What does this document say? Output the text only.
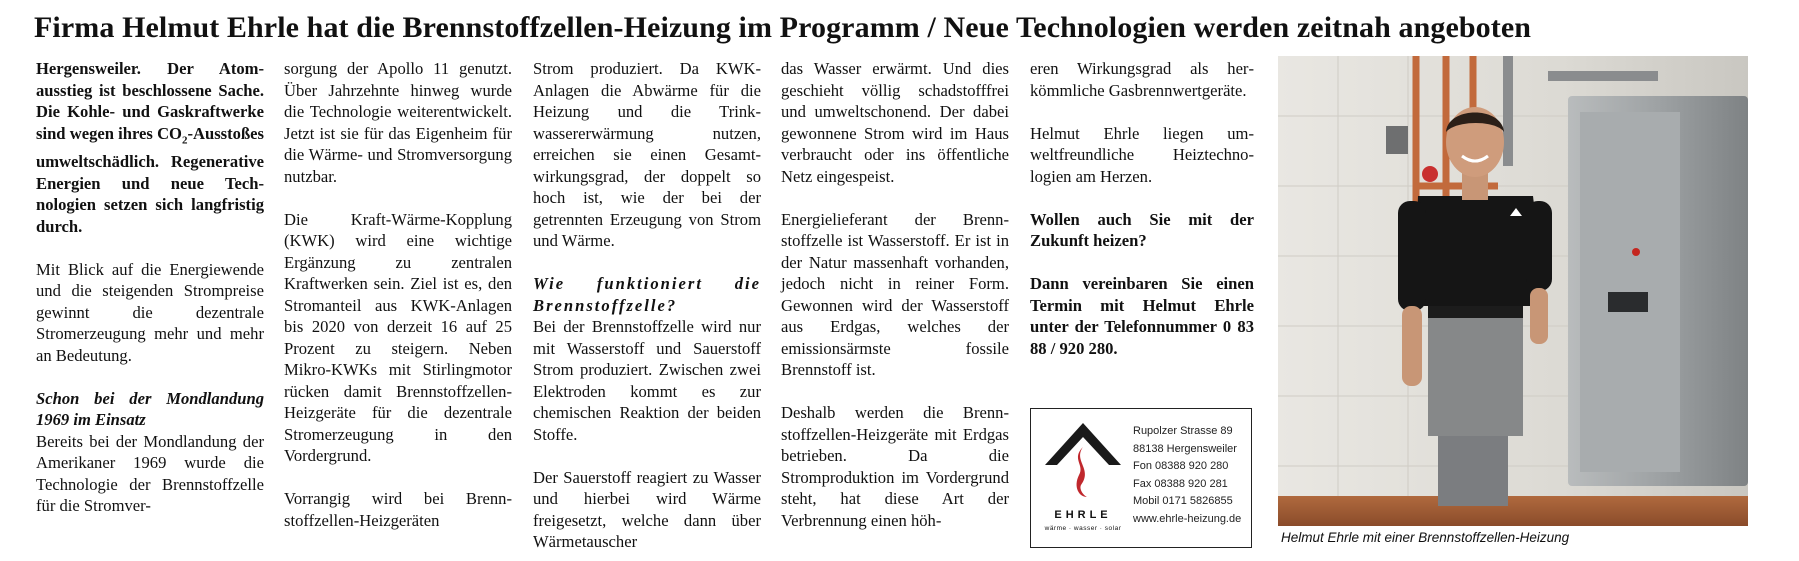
Firma Helmut Ehrle hat die Brennstoffzellen-Heizung im Programm / Neue Technologien werden zeitnah angeboten

Hergensweiler. Der Atomausstieg ist beschlossene Sache. Die Kohle- und Gaskraftwerke sind wegen ihres $CO_2$-Ausstoßes umweltschädlich. Regenerative Energien und neue Technologien setzen sich langfristig durch.

Mit Blick auf die Energiewende und die steigenden Strompreise gewinnt die dezentrale Stromerzeugung mehr und mehr an Bedeutung.

Schon bei der Mondlandung 1969 im Einsatz

Bereits bei der Mondlandung der Amerikaner 1969 wurde die Technologie der Brennstoffzelle für die Stromver-

sorgung der Apollo 11 genutzt. Über Jahrzehnte hinweg wurde die Technologie weiterentwickelt. Jetzt ist sie für das Eigenheim für die Wärme- und Stromversorgung nutzbar.

Die Kraft-Wärme-Kopplung (KWK) wird eine wichtige Ergänzung zu zentralen Kraftwerken sein. Ziel ist es, den Stromanteil aus KWK-Anlagen bis 2020 von derzeit 16 auf 25 Prozent zu steigern. Neben Mikro-KWKs mit Stirlingmotor rücken damit Brennstoffzellen-Heizgeräte für die dezentrale Stromerzeugung in den Vordergrund.

Vorrangig wird bei Brennstoffzellen-Heizgeräten

Strom produziert. Da KWK-Anlagen die Abwärme für die Heizung und die Trinkwassererwärmung nutzen, erreichen sie einen Gesamtwirkungsgrad, der doppelt so hoch ist, wie der bei der getrennten Erzeugung von Strom und Wärme.

Wie funktioniert die Brennstoffzelle?

Bei der Brennstoffzelle wird nur mit Wasserstoff und Sauerstoff Strom produziert. Zwischen zwei Elektroden kommt es zur chemischen Reaktion der beiden Stoffe.

Der Sauerstoff reagiert zu Wasser und hierbei wird Wärme freigesetzt, welche dann über Wärmetauscher

das Wasser erwärmt. Und dies geschieht völlig schadstofffrei und umweltschonend. Der dabei gewonnene Strom wird im Haus verbraucht oder ins öffentliche Netz eingespeist.

Energielieferant der Brennstoffzelle ist Wasserstoff. Er ist in der Natur massenhaft vorhanden, jedoch nicht in reiner Form. Gewonnen wird der Wasserstoff aus Erdgas, welches der emissionsärmste fossile Brennstoff ist.

Deshalb werden die Brennstoffzellen-Heizgeräte mit Erdgas betrieben. Da die Stromproduktion im Vordergrund steht, hat diese Art der Verbrennung einen höh-

eren Wirkungsgrad als herkömmliche Gasbrennwertgeräte.

Helmut Ehrle liegen umweltfreundliche Heiztechnologien am Herzen.

Wollen auch Sie mit der Zukunft heizen?

Dann vereinbaren Sie einen Termin mit Helmut Ehrle unter der Telefonnummer 0 83 88 / 920 280.

EHRLE
wärme · wasser · solar
Rupolzer Strasse 89
88138 Hergensweiler
Fon 08388 920 280
Fax 08388 920 281
Mobil 0171 5826855
www.ehrle-heizung.de
Helmut Ehrle mit einer Brennstoffzellen-Heizung
